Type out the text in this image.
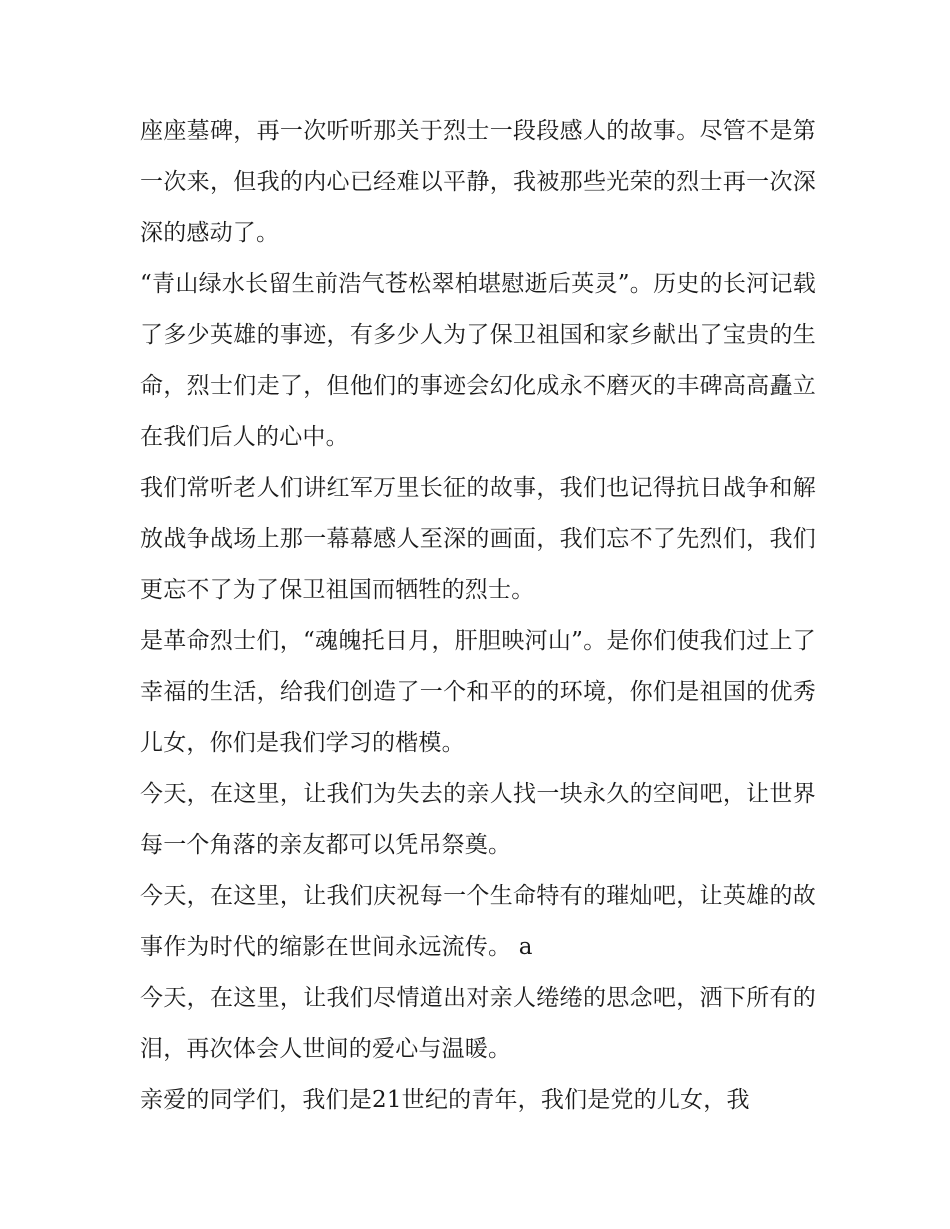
座座墓碑，再一次听听那关于烈士一段段感人的故事。尽管不是第一次来，但我的内心已经难以平静，我被那些光荣的烈士再一次深深的感动了。

“青山绿水长留生前浩气苍松翠柏堪慰逝后英灵”。历史的长河记载了多少英雄的事迹，有多少人为了保卫祖国和家乡献出了宝贵的生命，烈士们走了，但他们的事迹会幻化成永不磨灭的丰碑高高矗立在我们后人的心中。

我们常听老人们讲红军万里长征的故事，我们也记得抗日战争和解放战争战场上那一幕幕感人至深的画面，我们忘不了先烈们，我们更忘不了为了保卫祖国而牺牲的烈士。

是革命烈士们，“魂魄托日月，肝胆映河山”。是你们使我们过上了幸福的生活，给我们创造了一个和平的的环境，你们是祖国的优秀儿女，你们是我们学习的楷模。

今天，在这里，让我们为失去的亲人找一块永久的空间吧，让世界每一个角落的亲友都可以凭吊祭奠。

今天，在这里，让我们庆祝每一个生命特有的璀灿吧，让英雄的故事作为时代的缩影在世间永远流传。 a

今天，在这里，让我们尽情道出对亲人绻绻的思念吧，洒下所有的泪，再次体会人世间的爱心与温暖。

亲爱的同学们，我们是21世纪的青年，我们是党的儿女，我
